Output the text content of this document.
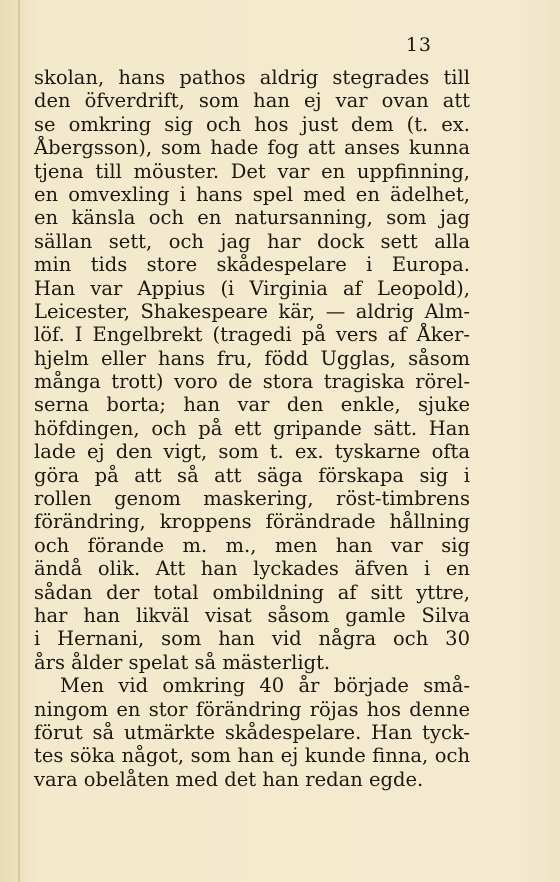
13
skolan, hans pathos aldrig stegrades till
den öfverdrift, som han ej var ovan att
se omkring sig och hos just dem (t. ex.
Åbergsson), som hade fog att anses kunna
tjena till möuster. Det var en uppfinning,
en omvexling i hans spel med en ädelhet,
en känsla och en natursanning, som jag
sällan sett, och jag har dock sett alla
min tids store skådespelare i Europa.
Han var Appius (i Virginia af Leopold),
Leicester, Shakespeare kär, — aldrig Alm-
löf. I Engelbrekt (tragedi på vers af Åker-
hjelm eller hans fru, född Ugglas, såsom
många trott) voro de stora tragiska rörel-
serna borta; han var den enkle, sjuke
höfdingen, och på ett gripande sätt. Han
lade ej den vigt, som t. ex. tyskarne ofta
göra på att så att säga förskapa sig i
rollen genom maskering, röst-timbrens
förändring, kroppens förändrade hållning
och förande m. m., men han var sig
ändå olik. Att han lyckades äfven i en
sådan der total ombildning af sitt yttre,
har han likväl visat såsom gamle Silva
i Hernani, som han vid några och 30
års ålder spelat så mästerligt.
Men vid omkring 40 år började små-
ningom en stor förändring röjas hos denne
förut så utmärkte skådespelare. Han tyck-
tes söka något, som han ej kunde finna, och
vara obelåten med det han redan egde.
